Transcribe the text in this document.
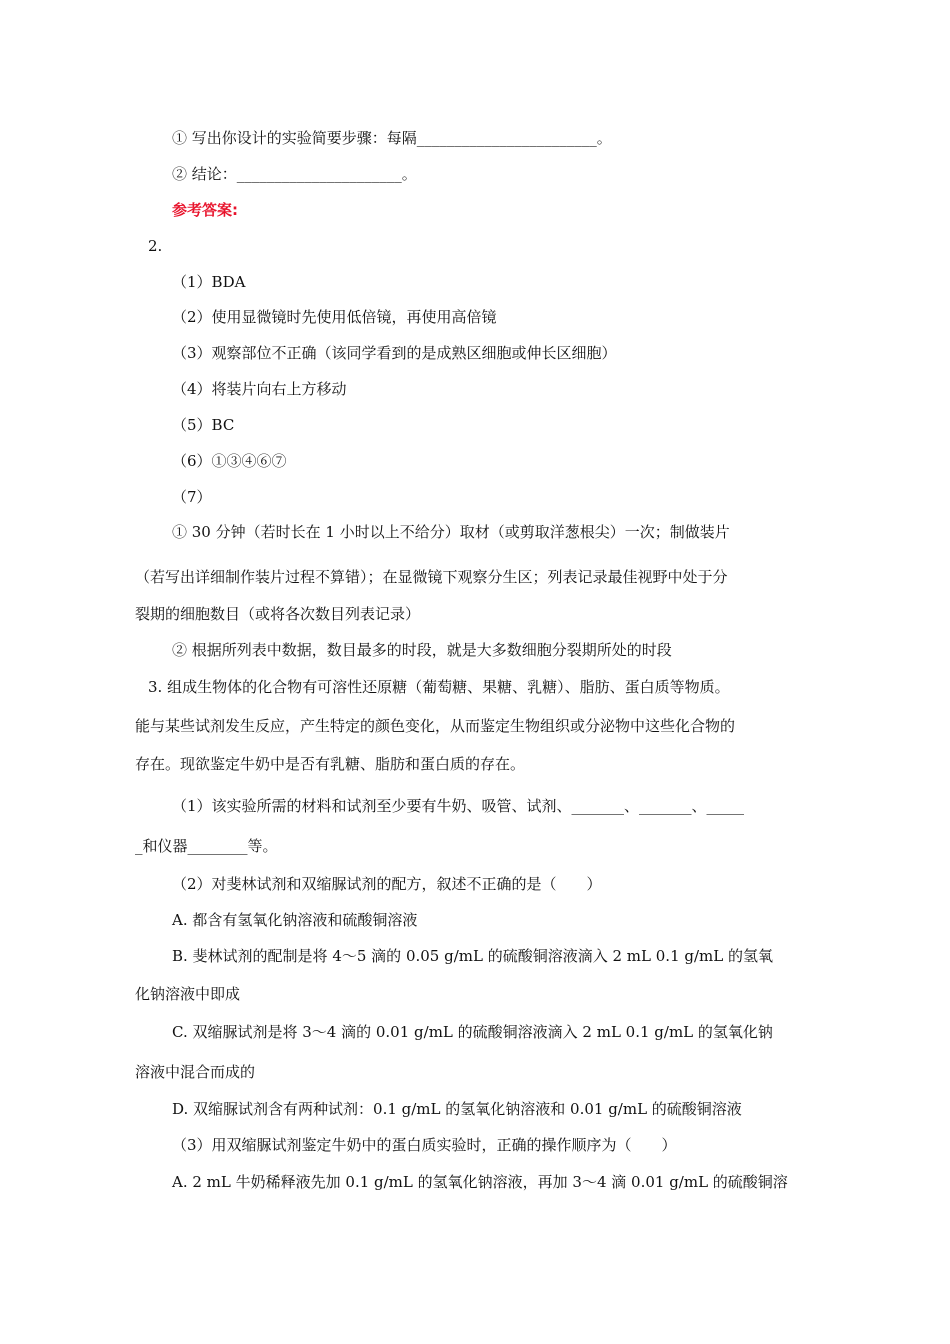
① 写出你设计的实验简要步骤：每隔________________________。
② 结论：______________________。
参考答案:
2.
（1）BDA
（2）使用显微镜时先使用低倍镜，再使用高倍镜
（3）观察部位不正确（该同学看到的是成熟区细胞或伸长区细胞）
（4）将装片向右上方移动
（5）BC
（6）①③④⑥⑦
（7）
① 30 分钟（若时长在 1 小时以上不给分）取材（或剪取洋葱根尖）一次；制做装片
（若写出详细制作装片过程不算错）；在显微镜下观察分生区；列表记录最佳视野中处于分
裂期的细胞数目（或将各次数目列表记录）
② 根据所列表中数据，数目最多的时段，就是大多数细胞分裂期所处的时段
3. 组成生物体的化合物有可溶性还原糖（葡萄糖、果糖、乳糖）、脂肪、蛋白质等物质。
能与某些试剂发生反应，产生特定的颜色变化，从而鉴定生物组织或分泌物中这些化合物的
存在。现欲鉴定牛奶中是否有乳糖、脂肪和蛋白质的存在。
（1）该实验所需的材料和试剂至少要有牛奶、吸管、试剂、_______、_______、_____
_和仪器________等。
（2）对斐林试剂和双缩脲试剂的配方，叙述不正确的是（　　）
A. 都含有氢氧化钠溶液和硫酸铜溶液
B. 斐林试剂的配制是将 4～5 滴的 0.05 g/mL 的硫酸铜溶液滴入 2 mL 0.1 g/mL 的氢氧
化钠溶液中即成
C. 双缩脲试剂是将 3～4 滴的 0.01 g/mL 的硫酸铜溶液滴入 2 mL 0.1 g/mL 的氢氧化钠
溶液中混合而成的
D. 双缩脲试剂含有两种试剂：0.1 g/mL 的氢氧化钠溶液和 0.01 g/mL 的硫酸铜溶液
（3）用双缩脲试剂鉴定牛奶中的蛋白质实验时，正确的操作顺序为（　　）
A. 2 mL 牛奶稀释液先加 0.1 g/mL 的氢氧化钠溶液，再加 3～4 滴 0.01 g/mL 的硫酸铜溶
